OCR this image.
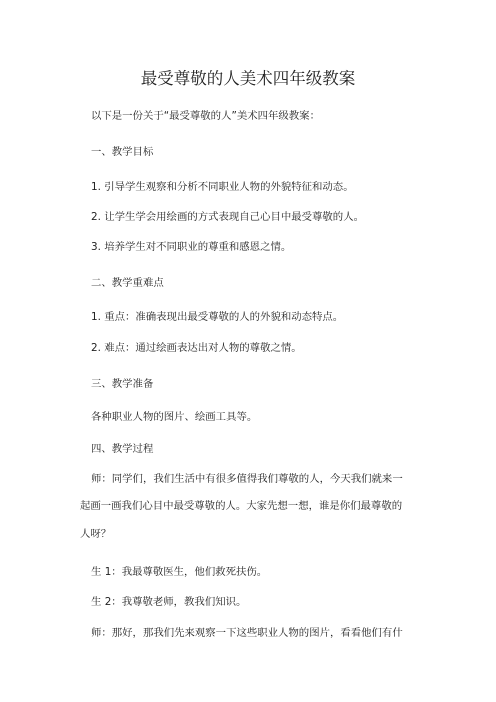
最受尊敬的人美术四年级教案
以下是一份关于“最受尊敬的人”美术四年级教案：
一、教学目标
1. 引导学生观察和分析不同职业人物的外貌特征和动态。
2. 让学生学会用绘画的方式表现自己心目中最受尊敬的人。
3. 培养学生对不同职业的尊重和感恩之情。
二、教学重难点
1. 重点：准确表现出最受尊敬的人的外貌和动态特点。
2. 难点：通过绘画表达出对人物的尊敬之情。
三、教学准备
各种职业人物的图片、绘画工具等。
四、教学过程

师：同学们，我们生活中有很多值得我们尊敬的人，今天我们就来一起画一画我们心目中最受尊敬的人。大家先想一想，谁是你们最尊敬的人呀？

生 1：我最尊敬医生，他们救死扶伤。
生 2：我尊敬老师，教我们知识。
师：那好，那我们先来观察一下这些职业人物的图片，看看他们有什
